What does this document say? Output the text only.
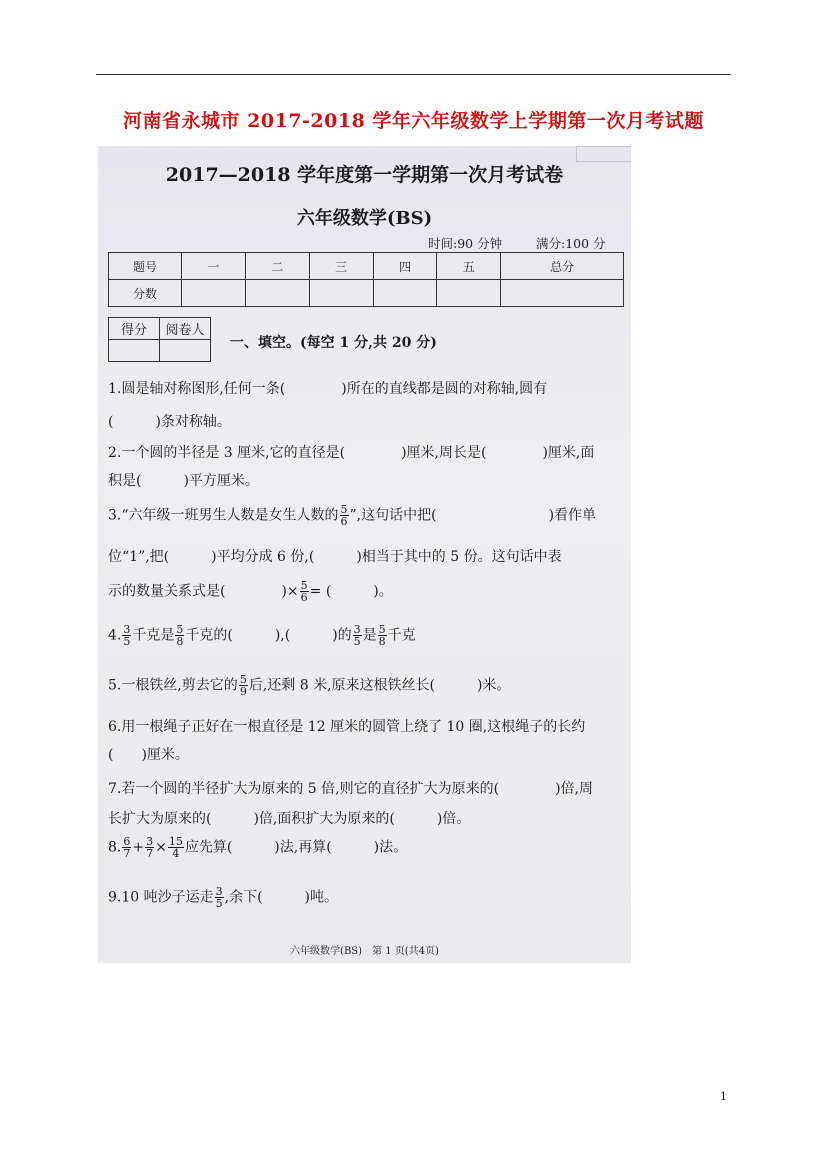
河南省永城市 2017-2018 学年六年级数学上学期第一次月考试题
2017—2018 学年度第一学期第一次月考试卷
六年级数学(BS)
时间:90 分钟	满分:100 分
题号	一	二	三	四	五	总分
分数						
得分	阅卷人

一、填空。(每空 1 分,共 20 分)
1.圆是轴对称图形,任何一条(　　　　)所在的直线都是圆的对称轴,圆有
(　　　)条对称轴。
2.一个圆的半径是 3 厘米,它的直径是(　　　　)厘米,周长是(　　　　)厘米,面
积是(　　　)平方厘米。
3.“六年级一班男生人数是女生人数的 $\frac{5}{6}$ ”,这句话中把(　　　　　　　　)看作单
位“1”,把(　　　)平均分成 6 份,(　　　)相当于其中的 5 份。这句话中表
示的数量关系式是(　　　　)× $\frac{5}{6}$ = (　　　)。
4. $\frac{3}{5}$ 千克是 $\frac{5}{8}$ 千克的(　　　),(　　　)的 $\frac{3}{5}$ 是 $\frac{5}{8}$ 千克
5.一根铁丝,剪去它的 $\frac{5}{9}$ 后,还剩 8 米,原来这根铁丝长(　　　)米。
6.用一根绳子正好在一根直径是 12 厘米的圆管上绕了 10 圈,这根绳子的长约
(　　)厘米。
7.若一个圆的半径扩大为原来的 5 倍,则它的直径扩大为原来的(　　　　)倍,周
长扩大为原来的(　　　)倍,面积扩大为原来的(　　　)倍。
8. $\frac{6}{7} + \frac{3}{7} \times \frac{15}{4}$ 应先算(　　　)法,再算(　　　)法。
9.10 吨沙子运走 $\frac{3}{5}$ ,余下(　　　)吨。
六年级数学(BS)　第 1 页(共4页)
1
